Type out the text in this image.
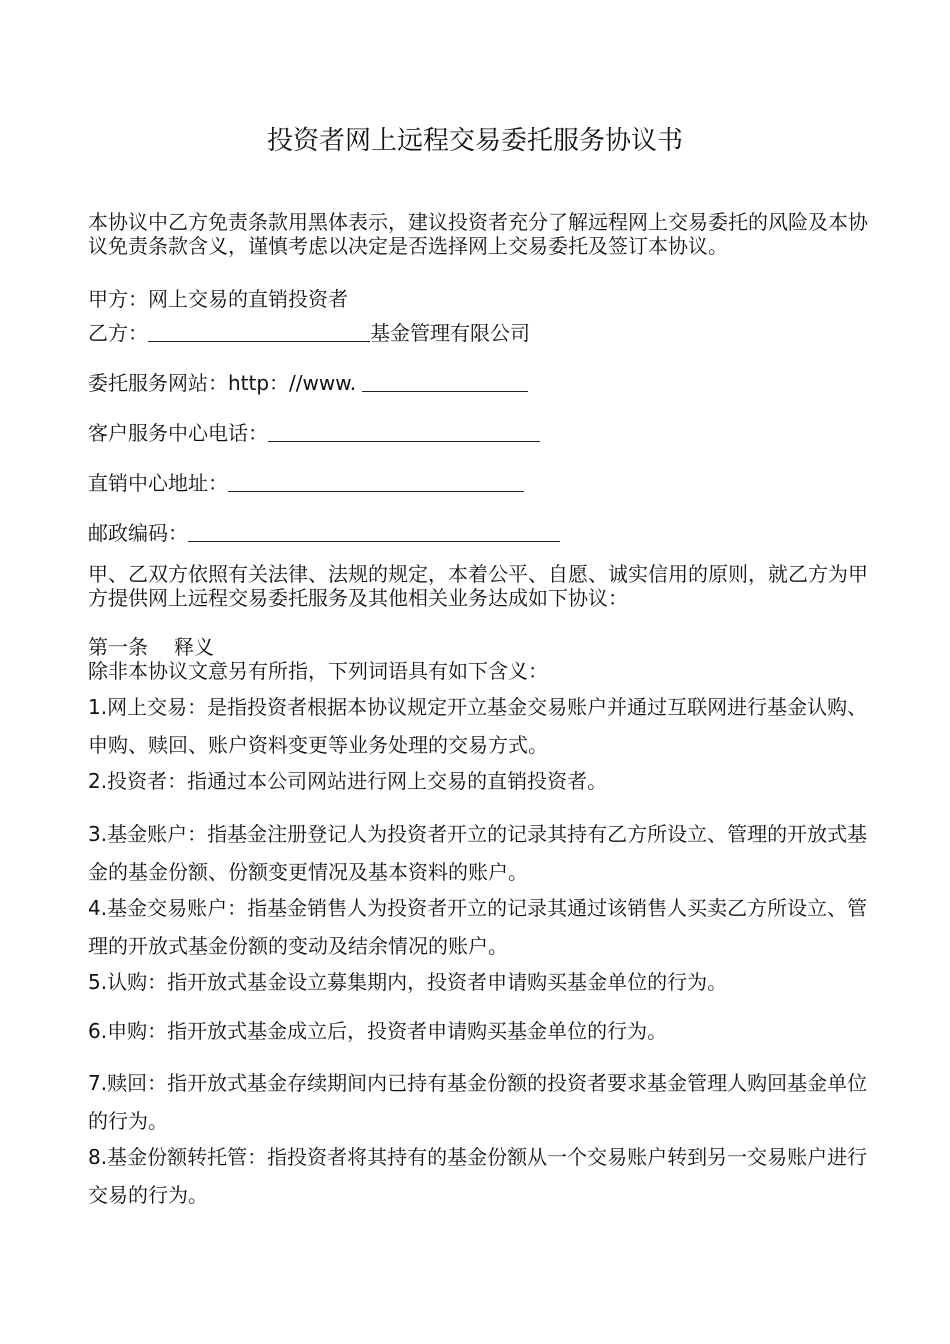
投资者网上远程交易委托服务协议书
本协议中乙方免责条款用黑体表示，建议投资者充分了解远程网上交易委托的风险及本协议免责条款含义，谨慎考虑以决定是否选择网上交易委托及签订本协议。
甲方：网上交易的直销投资者
乙方：	基金管理有限公司
委托服务网站：http：//www.
客户服务中心电话：
直销中心地址：
邮政编码：
甲、乙双方依照有关法律、法规的规定，本着公平、自愿、诚实信用的原则，就乙方为甲方提供网上远程交易委托服务及其他相关业务达成如下协议：
第一条 释义
除非本协议文意另有所指，下列词语具有如下含义：
1.网上交易：是指投资者根据本协议规定开立基金交易账户并通过互联网进行基金认购、申购、赎回、账户资料变更等业务处理的交易方式。
2.投资者：指通过本公司网站进行网上交易的直销投资者。
3.基金账户：指基金注册登记人为投资者开立的记录其持有乙方所设立、管理的开放式基金的基金份额、份额变更情况及基本资料的账户。
4.基金交易账户：指基金销售人为投资者开立的记录其通过该销售人买卖乙方所设立、管理的开放式基金份额的变动及结余情况的账户。
5.认购：指开放式基金设立募集期内，投资者申请购买基金单位的行为。
6.申购：指开放式基金成立后，投资者申请购买基金单位的行为。
7.赎回：指开放式基金存续期间内已持有基金份额的投资者要求基金管理人购回基金单位的行为。
8.基金份额转托管：指投资者将其持有的基金份额从一个交易账户转到另一交易账户进行交易的行为。
